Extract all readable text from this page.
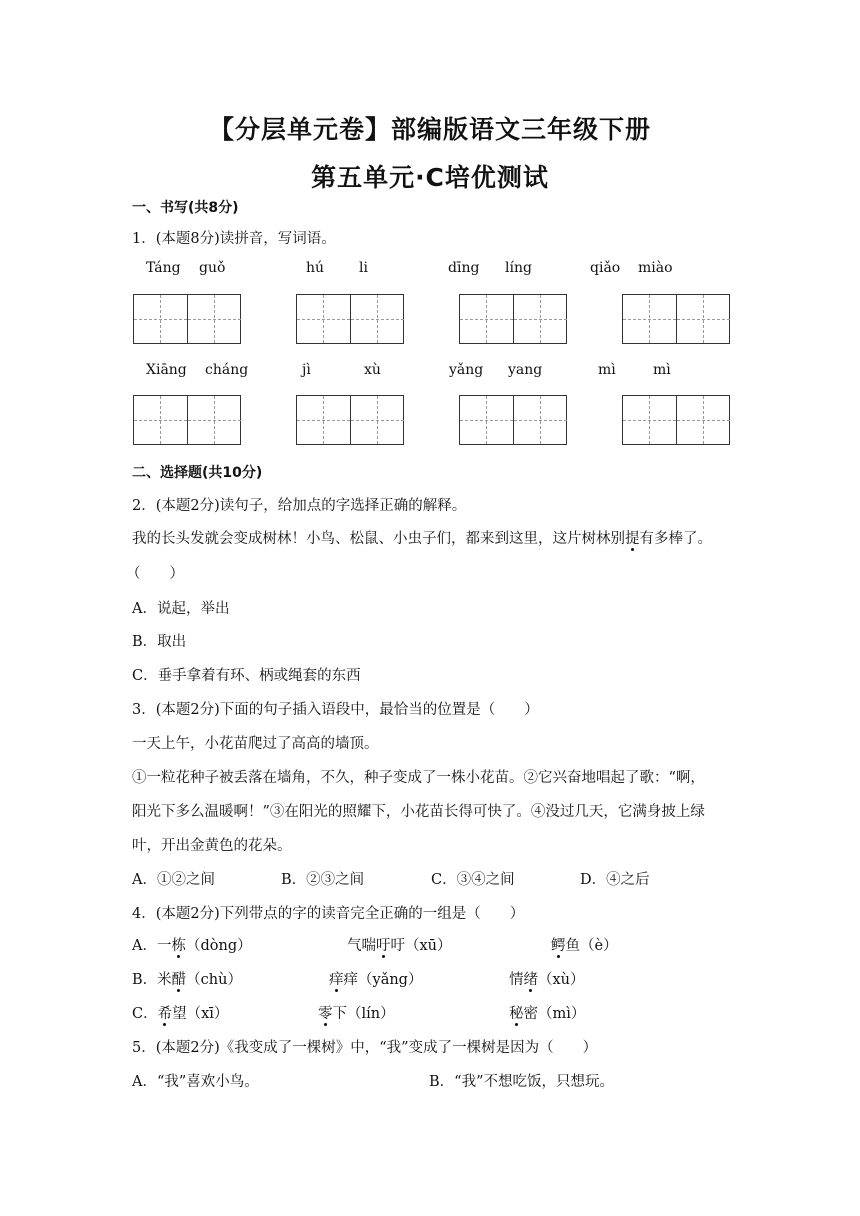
【分层单元卷】部编版语文三年级下册
第五单元·C培优测试
一、书写(共8分)
1．(本题8分)读拼音，写词语。
Táng guǒ	hú li	dīng líng	qiǎo miào
Xiāng cháng	jì	xù	yǎng yang	mì	mì
二、选择题(共10分)
2．(本题2分)读句子，给加点的字选择正确的解释。
我的长头发就会变成树林！小鸟、松鼠、小虫子们，都来到这里，这片树林别提有多棒了。
（　　）
A．说起，举出
B．取出
C．垂手拿着有环、柄或绳套的东西
3．(本题2分)下面的句子插入语段中，最恰当的位置是（　　）
一天上午，小花苗爬过了高高的墙顶。
①一粒花种子被丢落在墙角，不久，种子变成了一株小花苗。②它兴奋地唱起了歌：“啊，
阳光下多么温暖啊！”③在阳光的照耀下，小花苗长得可快了。④没过几天，它满身披上绿
叶，开出金黄色的花朵。
A．①②之间	B．②③之间	C．③④之间	D．④之后
4．(本题2分)下列带点的字的读音完全正确的一组是（　　）
A．一栋（dòng）	气喘吁吁（xū）	鳄鱼（è）
B．米醋（chù）	痒痒（yǎng）	情绪（xù）
C．希望（xī）	零下（lín）	秘密（mì）
5．(本题2分)《我变成了一棵树》中，“我”变成了一棵树是因为（　　）
A．“我”喜欢小鸟。	B．“我”不想吃饭，只想玩。
